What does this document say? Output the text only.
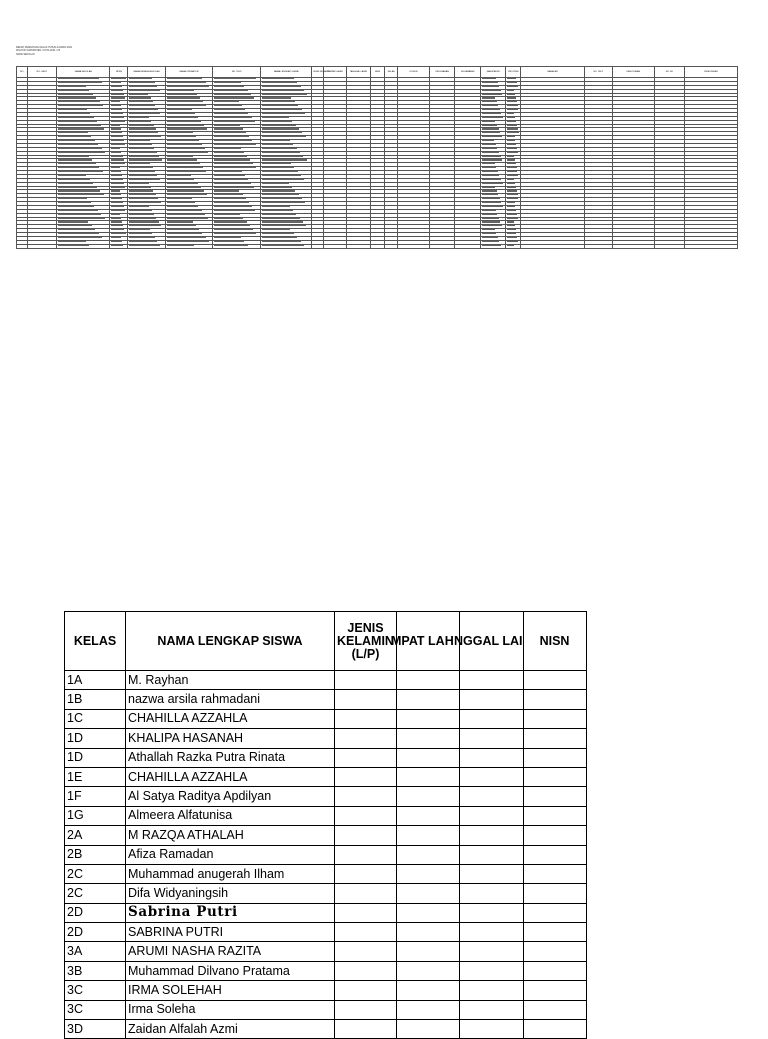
REKAP PENDATAAN KELAS TAHUN AJARAN 2024
WILAYAH KABUPATEN / KOTA 2024 / 25
NAMA SEKOLAH
NO	NO. URUT	NAMA SEKOLAH	NPSN	NAMA KEPALA SEKOLAH	NAMA OPERATOR	NO. TELP	NAMA LENGKAP SISWA	JENIS KELAMIN	TEMPAT LAHIR	TANGGAL LAHIR	NISN	KELAS	DUSUN	KELURAHAN	KECAMATAN	KABUPATEN	PROVINSI	NAMA IBU	NO. TELP	KEBUTUHAN	NO. KK	PENDIDIKAN

KELAS	NAMA LENGKAP SISWA	JENIS KELAMIN (L/P)	MPAT LAH	NGGAL LAI	NISN
1A	M. Rayhan				
1B	nazwa arsila rahmadani				
1C	CHAHILLA AZZAHLA				
1D	KHALIPA HASANAH				
1D	Athallah Razka Putra Rinata				
1E	CHAHILLA AZZAHLA				
1F	Al Satya Raditya Apdilyan				
1G	Almeera Alfatunisa				
2A	M RAZQA ATHALAH				
2B	Afiza Ramadan				
2C	Muhammad anugerah Ilham				
2C	Difa Widyaningsih				
2D	Sabrina Putri				
2D	SABRINA PUTRI				
3A	ARUMI NASHA RAZITA				
3B	Muhammad Dilvano Pratama				
3C	IRMA SOLEHAH				
3C	Irma Soleha				
3D	Zaidan Alfalah Azmi				
